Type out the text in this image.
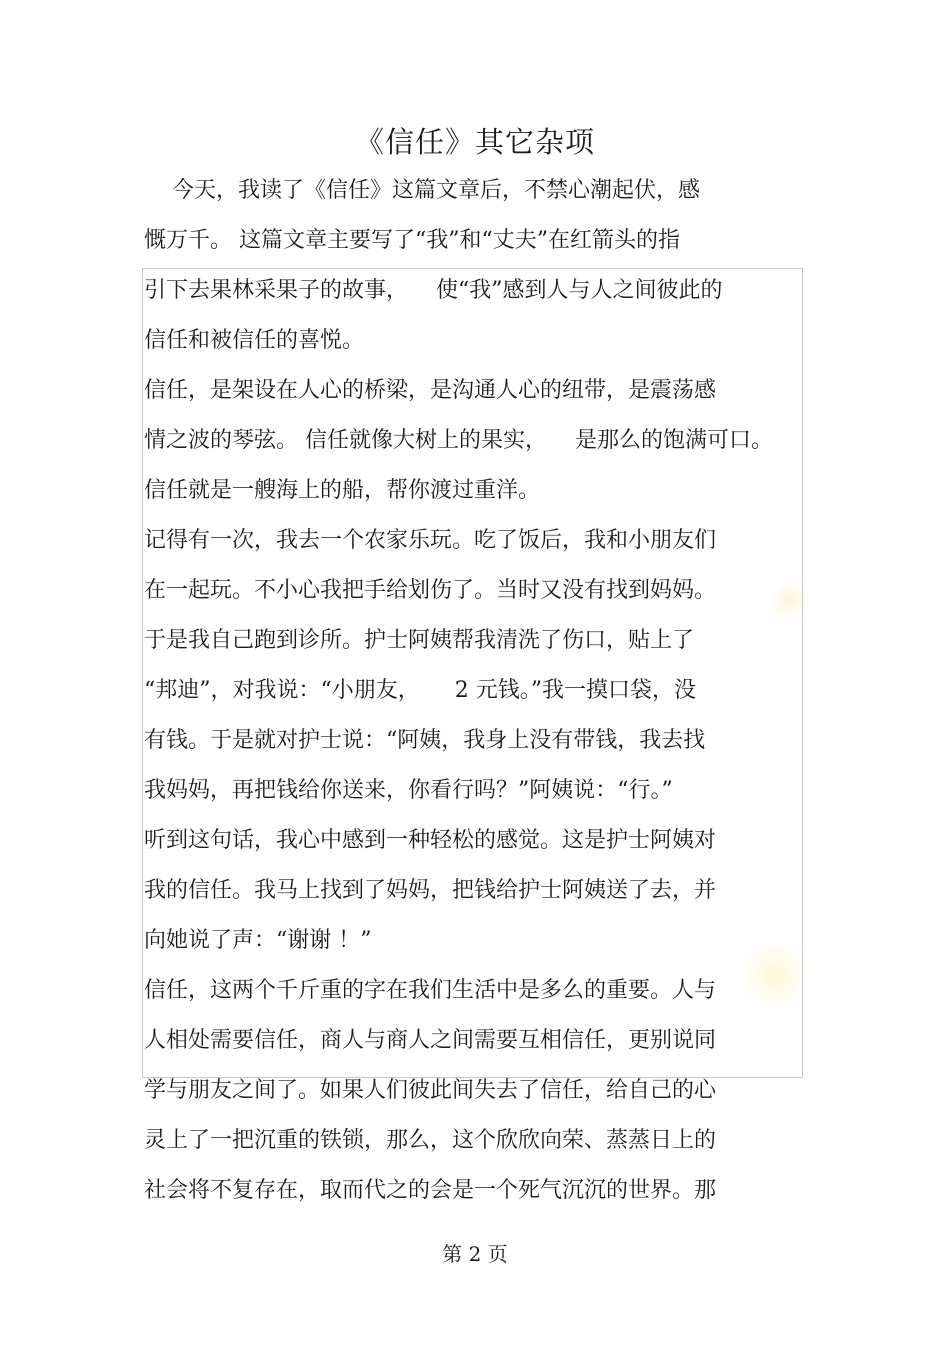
《信任》其它杂项
今天，我读了《信任》这篇文章后，不禁心潮起伏，感
慨万千。 这篇文章主要写了“我”和“丈夫”在红箭头的指
引下去果林采果子的故事，    使“我”感到人与人之间彼此的
信任和被信任的喜悦。
信任，是架设在人心的桥梁，是沟通人心的纽带，是震荡感
情之波的琴弦。 信任就像大树上的果实，    是那么的饱满可口。
信任就是一艘海上的船，帮你渡过重洋。
记得有一次，我去一个农家乐玩。吃了饭后，我和小朋友们
在一起玩。不小心我把手给划伤了。当时又没有找到妈妈。
于是我自己跑到诊所。护士阿姨帮我清洗了伤口，贴上了
“邦迪”，对我说：“小朋友，     2 元钱。”我一摸口袋，没
有钱。于是就对护士说：“阿姨，我身上没有带钱，我去找
我妈妈，再把钱给你送来，你看行吗？”阿姨说：“行。”
听到这句话，我心中感到一种轻松的感觉。这是护士阿姨对
我的信任。我马上找到了妈妈，把钱给护士阿姨送了去，并
向她说了声：“谢谢 ！”
信任，这两个千斤重的字在我们生活中是多么的重要。人与
人相处需要信任，商人与商人之间需要互相信任，更别说同
学与朋友之间了。如果人们彼此间失去了信任，给自己的心
灵上了一把沉重的铁锁，那么，这个欣欣向荣、蒸蒸日上的
社会将不复存在，取而代之的会是一个死气沉沉的世界。那
第 2 页
